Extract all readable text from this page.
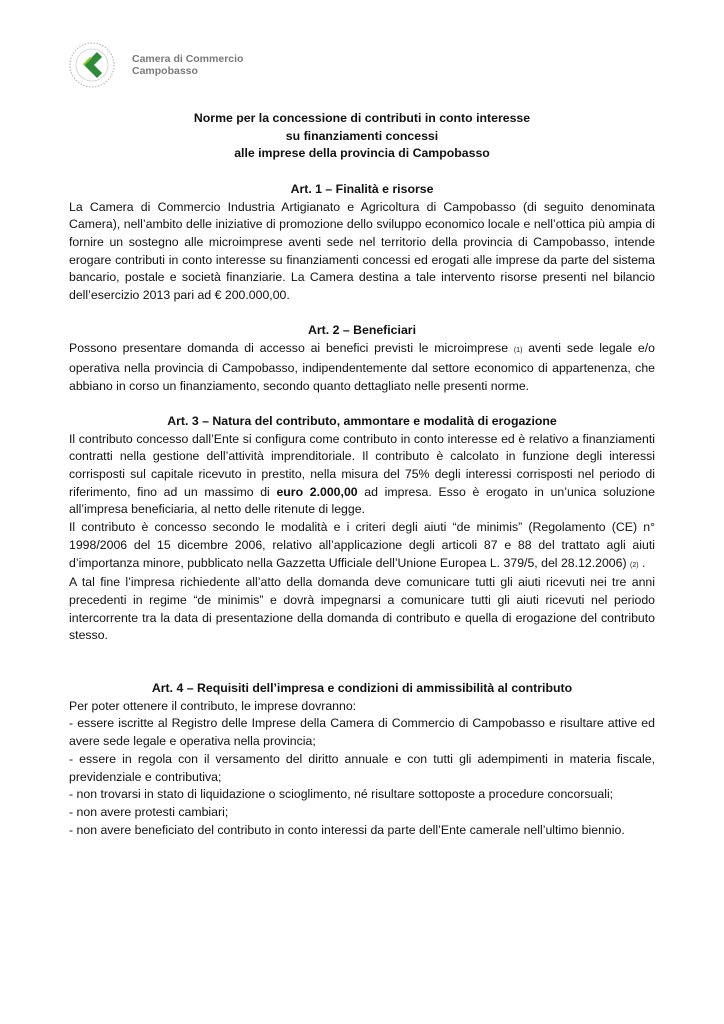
Camera di Commercio
Campobasso
Norme per la concessione di contributi in conto interesse
su finanziamenti concessi
alle imprese della provincia di Campobasso
Art. 1 – Finalità e risorse

La Camera di Commercio Industria Artigianato e Agricoltura di Campobasso (di seguito denominata Camera), nell’ambito delle iniziative di promozione dello sviluppo economico locale e nell’ottica più ampia di fornire un sostegno alle microimprese aventi sede nel territorio della provincia di Campobasso, intende erogare contributi in conto interesse su finanziamenti concessi ed erogati alle imprese da parte del sistema bancario, postale e società finanziarie. La Camera destina a tale intervento risorse presenti nel bilancio dell’esercizio 2013 pari ad € 200.000,00.

Art. 2 – Beneficiari

Possono presentare domanda di accesso ai benefici previsti le microimprese (1) aventi sede legale e/o operativa nella provincia di Campobasso, indipendentemente dal settore economico di appartenenza, che abbiano in corso un finanziamento, secondo quanto dettagliato nelle presenti norme.

Art. 3 – Natura del contributo, ammontare e modalità di erogazione

Il contributo concesso dall’Ente si configura come contributo in conto interesse ed è relativo a finanziamenti contratti nella gestione dell’attività imprenditoriale. Il contributo è calcolato in funzione degli interessi corrisposti sul capitale ricevuto in prestito, nella misura del 75% degli interessi corrisposti nel periodo di riferimento, fino ad un massimo di euro 2.000,00 ad impresa. Esso è erogato in un’unica soluzione all’impresa beneficiaria, al netto delle ritenute di legge.

Il contributo è concesso secondo le modalità e i criteri degli aiuti “de minimis” (Regolamento (CE) n° 1998/2006 del 15 dicembre 2006, relativo all’applicazione degli articoli 87 e 88 del trattato agli aiuti d’importanza minore, pubblicato nella Gazzetta Ufficiale dell’Unione Europea L. 379/5, del 28.12.2006) (2) .

A tal fine l’impresa richiedente all’atto della domanda deve comunicare tutti gli aiuti ricevuti nei tre anni precedenti in regime “de minimis” e dovrà impegnarsi a comunicare tutti gli aiuti ricevuti nel periodo intercorrente tra la data di presentazione della domanda di contributo e quella di erogazione del contributo stesso.

Art. 4 – Requisiti dell’impresa e condizioni di ammissibilità al contributo

Per poter ottenere il contributo, le imprese dovranno:

- essere iscritte al Registro delle Imprese della Camera di Commercio di Campobasso e risultare attive ed avere sede legale e operativa nella provincia;

- essere in regola con il versamento del diritto annuale e con tutti gli adempimenti in materia fiscale, previdenziale e contributiva;

- non trovarsi in stato di liquidazione o scioglimento, né risultare sottoposte a procedure concorsuali;

- non avere protesti cambiari;

- non avere beneficiato del contributo in conto interessi da parte dell’Ente camerale nell’ultimo biennio.
